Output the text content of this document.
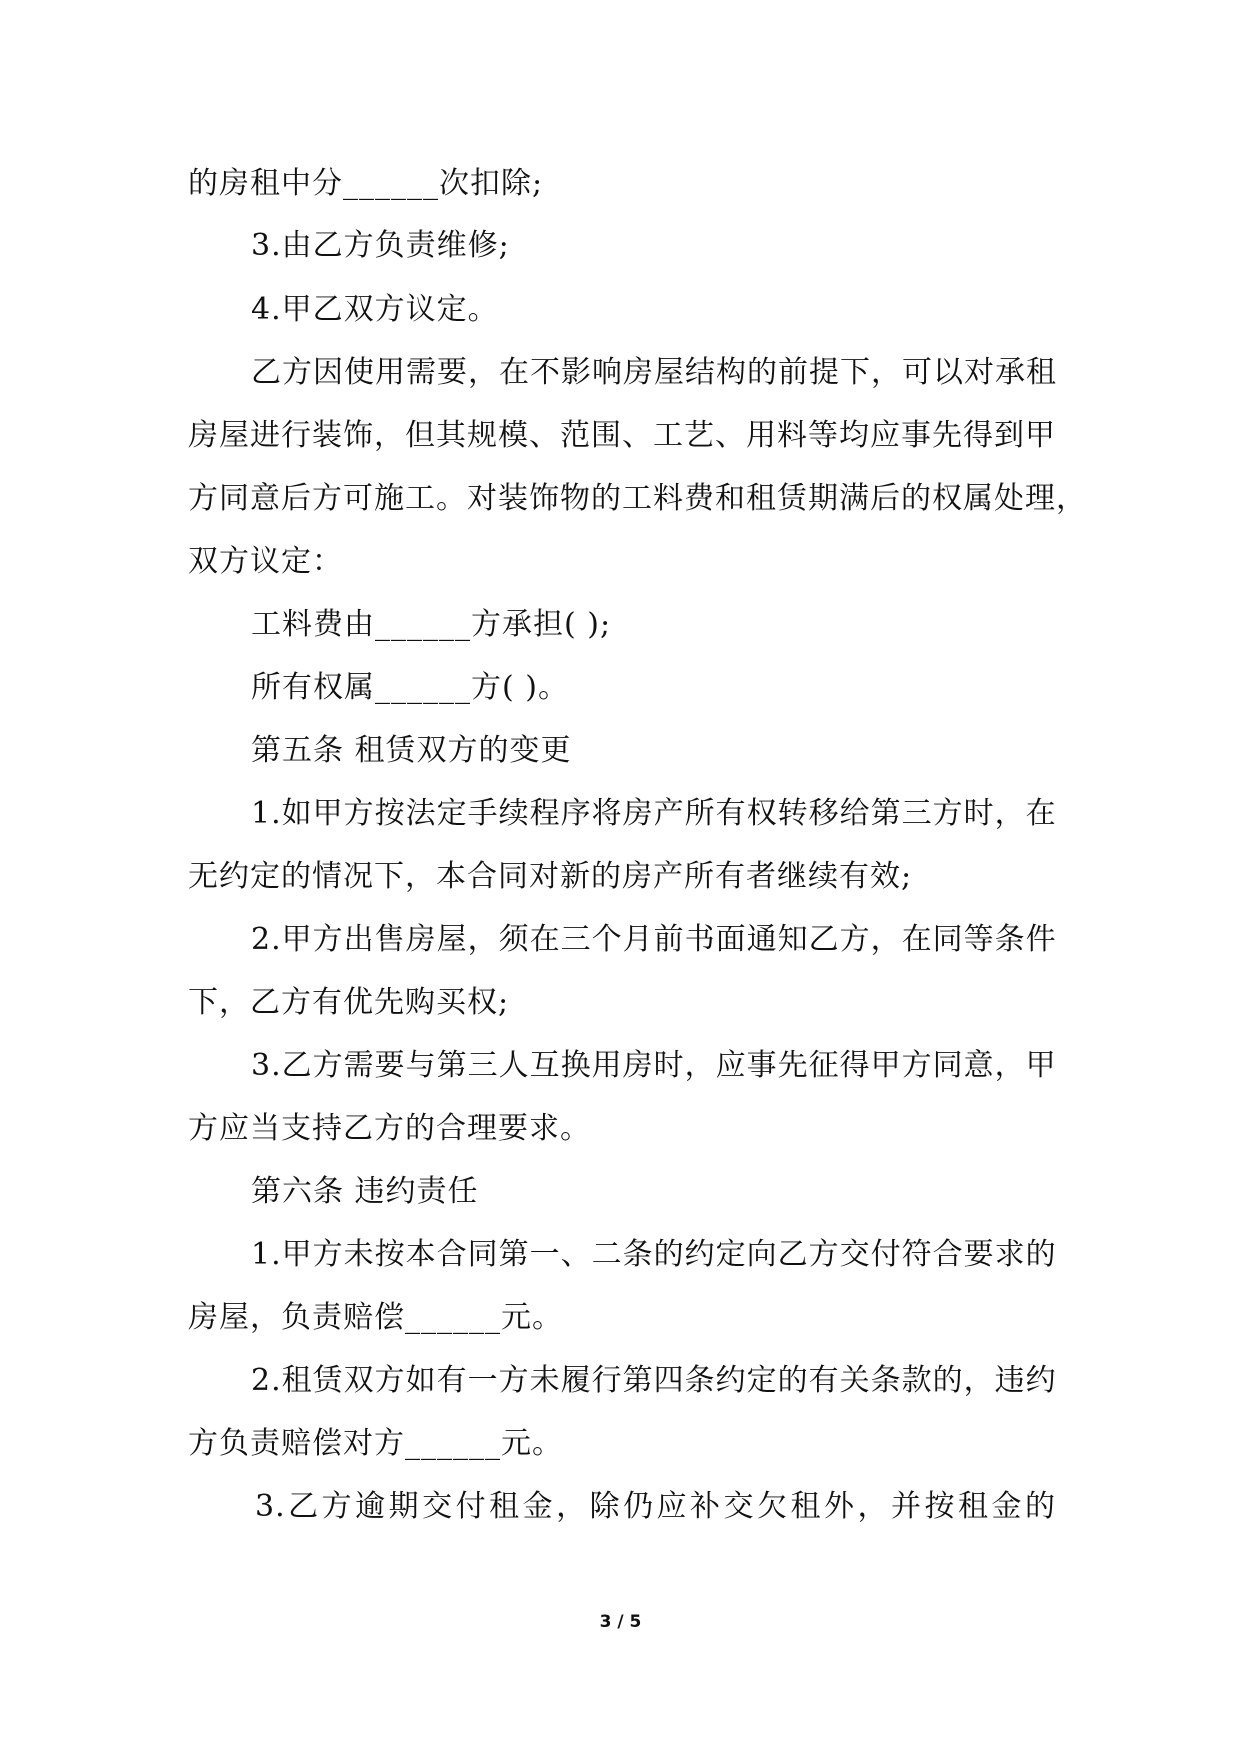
的房租中分______次扣除;
3.由乙方负责维修;
4.甲乙双方议定。
乙方因使用需要，在不影响房屋结构的前提下，可以对承租
房屋进行装饰，但其规模、范围、工艺、用料等均应事先得到甲
方同意后方可施工。对装饰物的工料费和租赁期满后的权属处理，
双方议定：
工料费由______方承担( );
所有权属______方( )。
第五条 租赁双方的变更
1.如甲方按法定手续程序将房产所有权转移给第三方时，在
无约定的情况下，本合同对新的房产所有者继续有效;
2.甲方出售房屋，须在三个月前书面通知乙方，在同等条件
下，乙方有优先购买权;
3.乙方需要与第三人互换用房时，应事先征得甲方同意，甲
方应当支持乙方的合理要求。
第六条 违约责任
1.甲方未按本合同第一、二条的约定向乙方交付符合要求的
房屋，负责赔偿______元。
2.租赁双方如有一方未履行第四条约定的有关条款的，违约
方负责赔偿对方______元。
3.乙方逾期交付租金，除仍应补交欠租外，并按租金的
3 / 5
